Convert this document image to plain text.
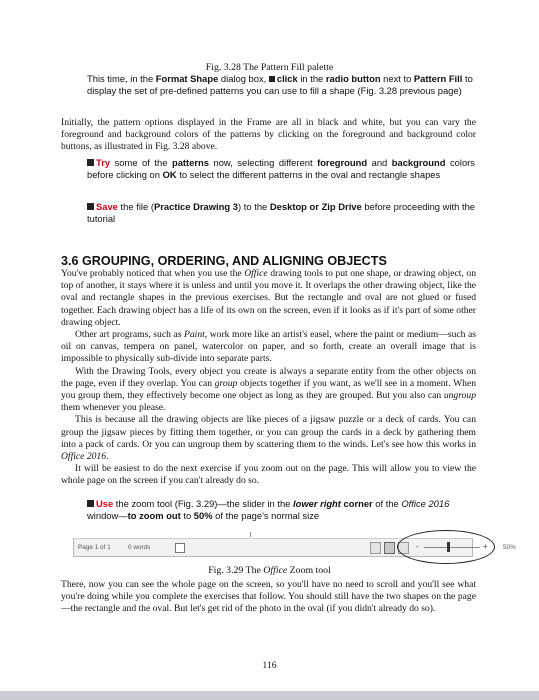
Fig. 3.28 The Pattern Fill palette
This time, in the Format Shape dialog box, click in the radio button next to Pattern Fill to display the set of pre-defined patterns you can use to fill a shape (Fig. 3.28 previous page)
Initially, the pattern options displayed in the Frame are all in black and white, but you can vary the foreground and background colors of the patterns by clicking on the foreground and background color buttons, as illustrated in Fig. 3.28 above.
Try some of the patterns now, selecting different foreground and background colors before clicking on OK to select the different patterns in the oval and rectangle shapes
Save the file (Practice Drawing 3) to the Desktop or Zip Drive before proceeding with the tutorial
3.6 GROUPING, ORDERING, AND ALIGNING OBJECTS

You've probably noticed that when you use the Office drawing tools to put one shape, or drawing object, on top of another, it stays where it is unless and until you move it. It overlaps the other drawing object, like the oval and rectangle shapes in the previous exercises. But the rectangle and oval are not glued or fused together. Each drawing object has a life of its own on the screen, even if it looks as if it's part of some other drawing object.

Other art programs, such as Paint, work more like an artist's easel, where the paint or medium—such as oil on canvas, tempera on panel, watercolor on paper, and so forth, create an overall image that is impossible to physically sub-divide into separate parts.

With the Drawing Tools, every object you create is always a separate entity from the other objects on the page, even if they overlap. You can group objects together if you want, as we'll see in a moment. When you group them, they effectively become one object as long as they are grouped. But you also can ungroup them whenever you please.

This is because all the drawing objects are like pieces of a jigsaw puzzle or a deck of cards. You can group the jigsaw pieces by fitting them together, or you can group the cards in a deck by gathering them into a pack of cards. Or you can ungroup them by scattering them to the winds. Let's see how this works in Office 2016.

It will be easiest to do the next exercise if you zoom out on the page. This will allow you to view the whole page on the screen if you can't already do so.

Use the zoom tool (Fig. 3.29)—the slider in the lower right corner of the Office 2016 window—to zoom out to 50% of the page's normal size
Page 1 of 1	0 words	-	+ 50%
Fig. 3.29 The Office Zoom tool
There, now you can see the whole page on the screen, so you'll have no need to scroll and you'll see what you're doing while you complete the exercises that follow. You should still have the two shapes on the page—the rectangle and the oval. But let's get rid of the photo in the oval (if you didn't already do so).
116
